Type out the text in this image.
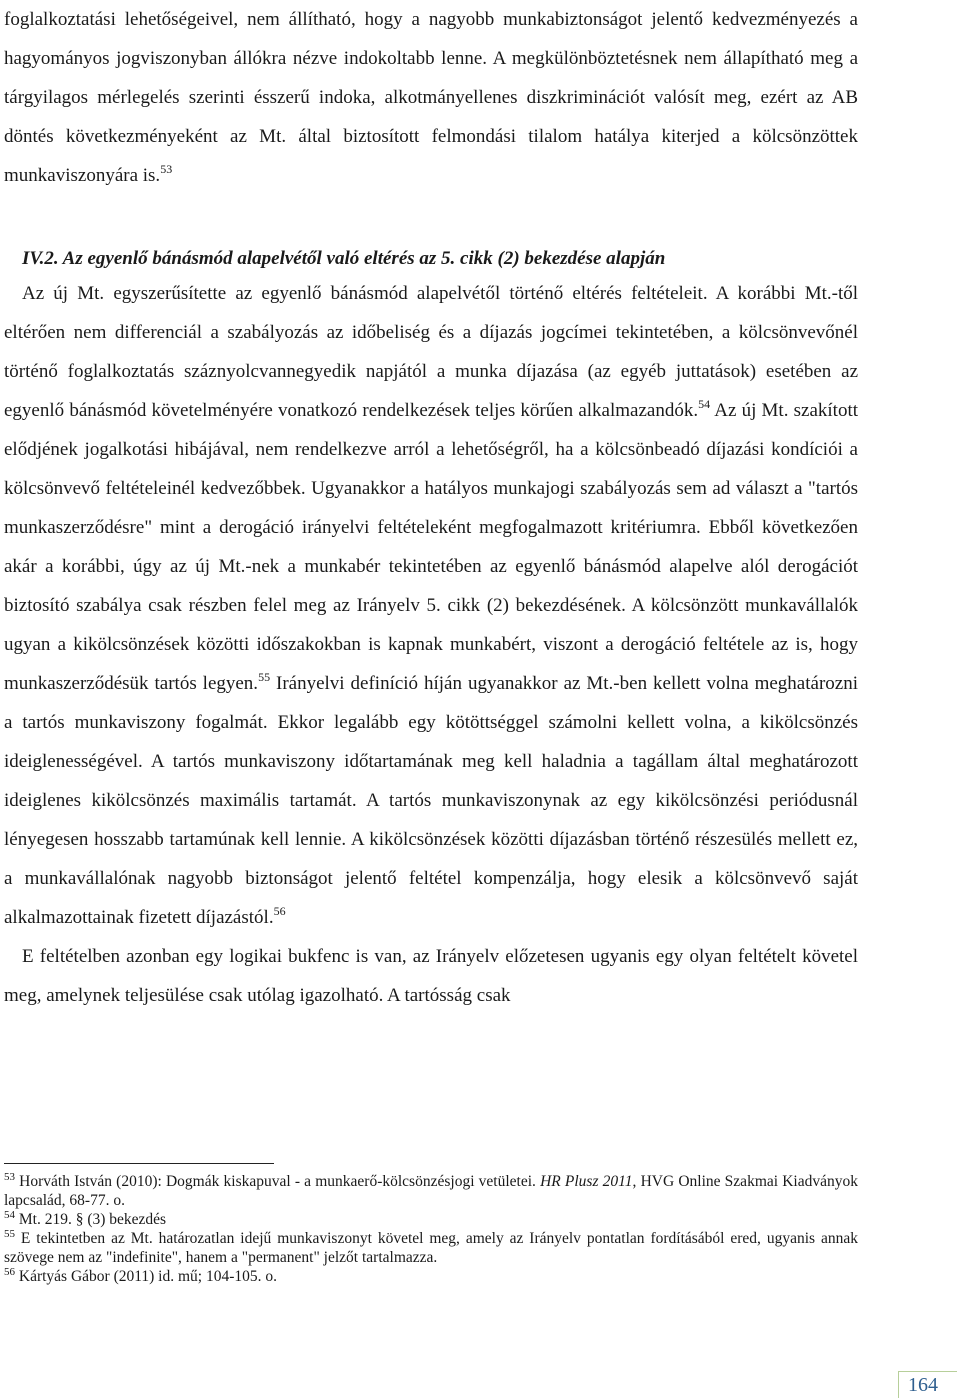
foglalkoztatási lehetőségeivel, nem állítható, hogy a nagyobb munkabiztonságot jelentő kedvezményezés a hagyományos jogviszonyban állókra nézve indokoltabb lenne. A megkülönböztetésnek nem állapítható meg a tárgyilagos mérlegelés szerinti ésszerű indoka, alkotmányellenes diszkriminációt valósít meg, ezért az AB döntés következményeként az Mt. által biztosított felmondási tilalom hatálya kiterjed a kölcsönzöttek munkaviszonyára is.$^{53}$

IV.2. Az egyenlő bánásmód alapelvétől való eltérés az 5. cikk (2) bekezdése alapján

Az új Mt. egyszerűsítette az egyenlő bánásmód alapelvétől történő eltérés feltételeit. A korábbi Mt.-től eltérően nem differenciál a szabályozás az időbeliség és a díjazás jogcímei tekintetében, a kölcsönvevőnél történő foglalkoztatás száznyolcvannegyedik napjától a munka díjazása (az egyéb juttatások) esetében az egyenlő bánásmód követelményére vonatkozó rendelkezések teljes körűen alkalmazandók.$^{54}$ Az új Mt. szakított elődjének jogalkotási hibájával, nem rendelkezve arról a lehetőségről, ha a kölcsönbeadó díjazási kondíciói a kölcsönvevő feltételeinél kedvezőbbek. Ugyanakkor a hatályos munkajogi szabályozás sem ad választ a "tartós munkaszerződésre" mint a derogáció irányelvi feltételeként megfogalmazott kritériumra. Ebből következően akár a korábbi, úgy az új Mt.-nek a munkabér tekintetében az egyenlő bánásmód alapelve alól derogációt biztosító szabálya csak részben felel meg az Irányelv 5. cikk (2) bekezdésének. A kölcsönzött munkavállalók ugyan a kikölcsönzések közötti időszakokban is kapnak munkabért, viszont a derogáció feltétele az is, hogy munkaszerződésük tartós legyen.$^{55}$ Irányelvi definíció híján ugyanakkor az Mt.-ben kellett volna meghatározni a tartós munkaviszony fogalmát. Ekkor legalább egy kötöttséggel számolni kellett volna, a kikölcsönzés ideiglenességével. A tartós munkaviszony időtartamának meg kell haladnia a tagállam által meghatározott ideiglenes kikölcsönzés maximális tartamát. A tartós munkaviszonynak az egy kikölcsönzési periódusnál lényegesen hosszabb tartamúnak kell lennie. A kikölcsönzések közötti díjazásban történő részesülés mellett ez, a munkavállalónak nagyobb biztonságot jelentő feltétel kompenzálja, hogy elesik a kölcsönvevő saját alkalmazottainak fizetett díjazástól.$^{56}$

E feltételben azonban egy logikai bukfenc is van, az Irányelv előzetesen ugyanis egy olyan feltételt követel meg, amelynek teljesülése csak utólag igazolható. A tartósság csak

$^{53}$ Horváth István (2010): Dogmák kiskapuval - a munkaerő-kölcsönzésjogi vetületei. HR Plusz 2011, HVG Online Szakmai Kiadványok lapcsalád, 68-77. o.

$^{54}$ Mt. 219. § (3) bekezdés

$^{55}$ E tekintetben az Mt. határozatlan idejű munkaviszonyt követel meg, amely az Irányelv pontatlan fordításából ered, ugyanis annak szövege nem az "indefinite", hanem a "permanent" jelzőt tartalmazza.

$^{56}$ Kártyás Gábor (2011) id. mű; 104-105. o.

164
